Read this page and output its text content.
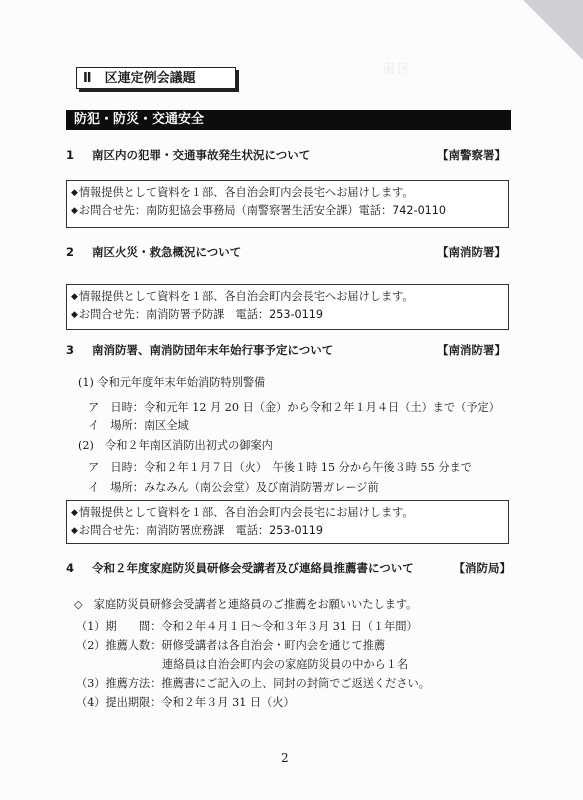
南区
Ⅱ　区連定例会議題
防犯・防災・交通安全
1 南区内の犯罪・交通事故発生状況について	【南警察署】
◆情報提供として資料を１部、各自治会町内会長宅へお届けします。
◆お問合せ先：南防犯協会事務局（南警察署生活安全課）電話：742-0110
2 南区火災・救急概況について	【南消防署】
◆情報提供として資料を１部、各自治会町内会長宅へお届けします。
◆お問合せ先：南消防署予防課　電話：253-0119
3 南消防署、南消防団年末年始行事予定について	【南消防署】
(1) 令和元年度年末年始消防特別警備
ア　日時：令和元年 12 月 20 日（金）から令和２年１月４日（土）まで（予定）
イ　場所：南区全域
(2)　令和２年南区消防出初式の御案内
ア　日時：令和２年１月７日（火）　午後１時 15 分から午後３時 55 分まで
イ　場所：みなみん（南公会堂）及び南消防署ガレージ前
◆情報提供として資料を１部、各自治会町内会長宅にお届けします。
◆お問合せ先：南消防署庶務課　電話：253-0119
4 令和２年度家庭防災員研修会受講者及び連絡員推薦書について	【消防局】
◇　家庭防災員研修会受講者と連絡員のご推薦をお願いいたします。
（1）期　　間：令和２年４月１日～令和３年３月 31 日（１年間）
（2）推薦人数：研修受講者は各自治会・町内会を通じて推薦
連絡員は自治会町内会の家庭防災員の中から１名
（3）推薦方法：推薦書にご記入の上、同封の封筒でご返送ください。
（4）提出期限：令和２年３月 31 日（火）
2
